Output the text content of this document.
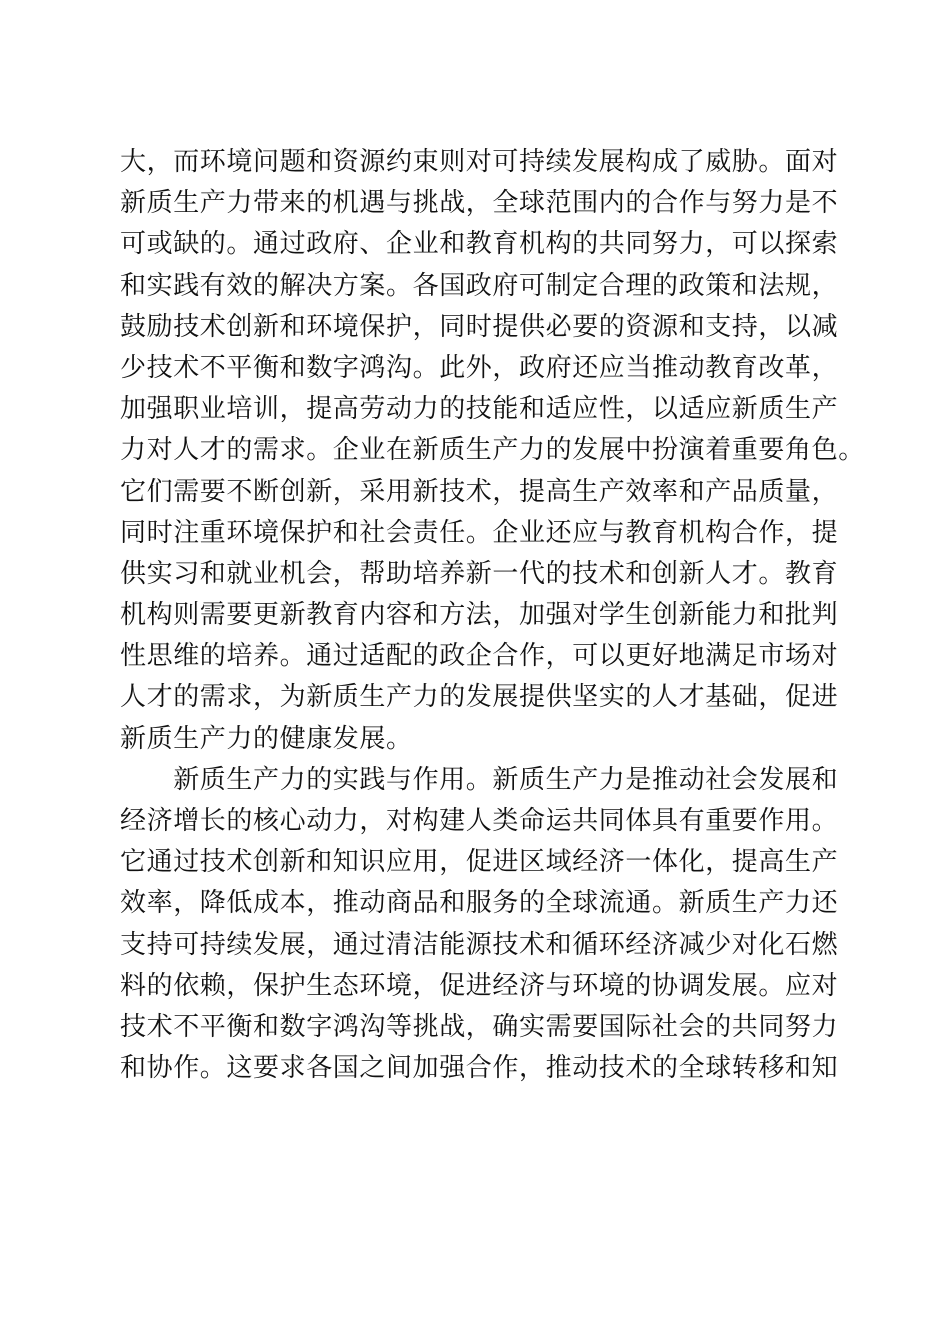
大，而环境问题和资源约束则对可持续发展构成了威胁。面对
新质生产力带来的机遇与挑战，全球范围内的合作与努力是不
可或缺的。通过政府、企业和教育机构的共同努力，可以探索
和实践有效的解决方案。各国政府可制定合理的政策和法规，
鼓励技术创新和环境保护，同时提供必要的资源和支持，以减
少技术不平衡和数字鸿沟。此外，政府还应当推动教育改革，
加强职业培训，提高劳动力的技能和适应性，以适应新质生产
力对人才的需求。企业在新质生产力的发展中扮演着重要角色。
它们需要不断创新，采用新技术，提高生产效率和产品质量，
同时注重环境保护和社会责任。企业还应与教育机构合作，提
供实习和就业机会，帮助培养新一代的技术和创新人才。教育
机构则需要更新教育内容和方法，加强对学生创新能力和批判
性思维的培养。通过适配的政企合作，可以更好地满足市场对
人才的需求，为新质生产力的发展提供坚实的人才基础，促进
新质生产力的健康发展。
　　新质生产力的实践与作用。新质生产力是推动社会发展和
经济增长的核心动力，对构建人类命运共同体具有重要作用。
它通过技术创新和知识应用，促进区域经济一体化，提高生产
效率，降低成本，推动商品和服务的全球流通。新质生产力还
支持可持续发展，通过清洁能源技术和循环经济减少对化石燃
料的依赖，保护生态环境，促进经济与环境的协调发展。应对
技术不平衡和数字鸿沟等挑战，确实需要国际社会的共同努力
和协作。这要求各国之间加强合作，推动技术的全球转移和知
